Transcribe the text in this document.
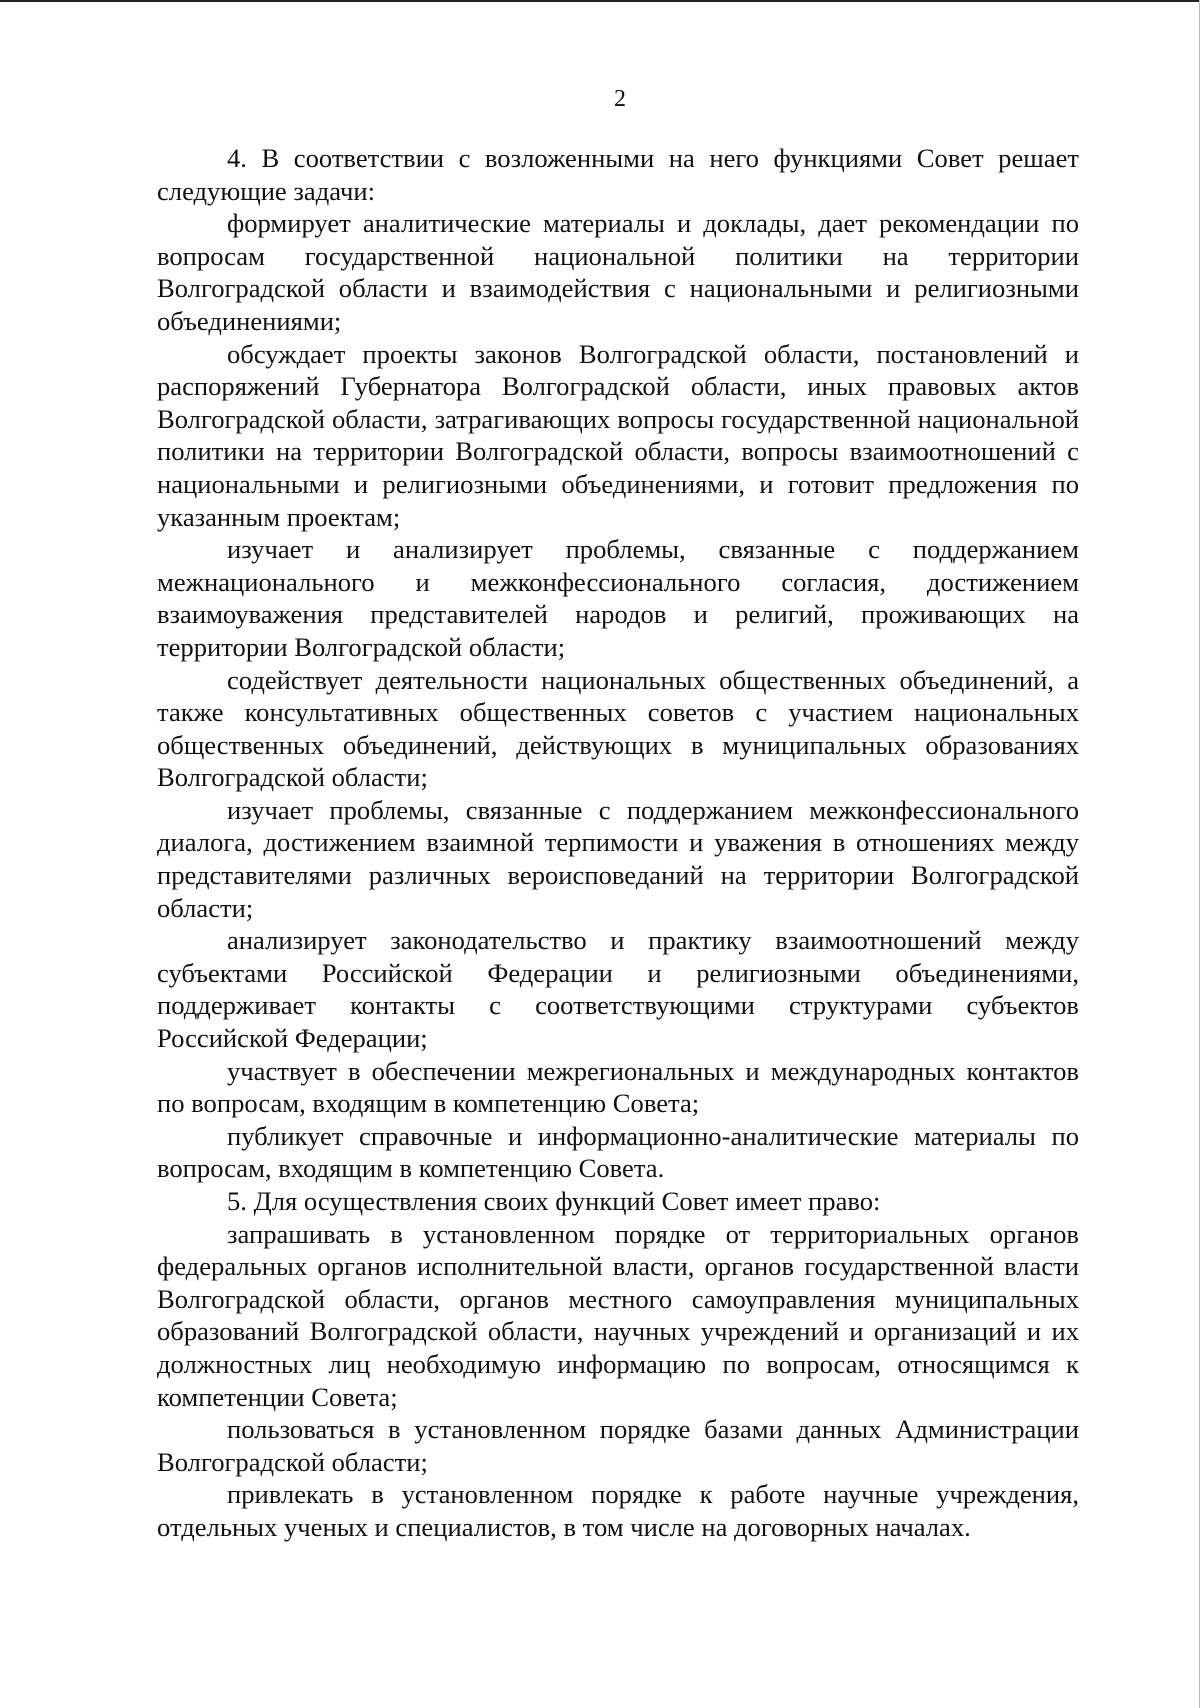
2

4. В соответствии с возложенными на него функциями Совет решает следующие задачи:

формирует аналитические материалы и доклады, дает рекомендации по вопросам государственной национальной политики на территории Волгоградской области и взаимодействия с национальными и религиозными объединениями;

обсуждает проекты законов Волгоградской области, постановлений и распоряжений Губернатора Волгоградской области, иных правовых актов Волгоградской области, затрагивающих вопросы государственной национальной политики на территории Волгоградской области, вопросы взаимоотношений с национальными и религиозными объединениями, и готовит предложения по указанным проектам;

изучает и анализирует проблемы, связанные с поддержанием межнационального и межконфессионального согласия, достижением взаимоуважения представителей народов и религий, проживающих на территории Волгоградской области;

содействует деятельности национальных общественных объединений, а также консультативных общественных советов с участием национальных общественных объединений, действующих в муниципальных образованиях Волгоградской области;

изучает проблемы, связанные с поддержанием межконфессионального диалога, достижением взаимной терпимости и уважения в отношениях между представителями различных вероисповеданий на территории Волгоградской области;

анализирует законодательство и практику взаимоотношений между субъектами Российской Федерации и религиозными объединениями, поддерживает контакты с соответствующими структурами субъектов Российской Федерации;

участвует в обеспечении межрегиональных и международных контактов по вопросам, входящим в компетенцию Совета;

публикует справочные и информационно-аналитические материалы по вопросам, входящим в компетенцию Совета.

5. Для осуществления своих функций Совет имеет право:

запрашивать в установленном порядке от территориальных органов федеральных органов исполнительной власти, органов государственной власти Волгоградской области, органов местного самоуправления муниципальных образований Волгоградской области, научных учреждений и организаций и их должностных лиц необходимую информацию по вопросам, относящимся к компетенции Совета;

пользоваться в установленном порядке базами данных Администрации Волгоградской области;

привлекать в установленном порядке к работе научные учреждения, отдельных ученых и специалистов, в том числе на договорных началах.
